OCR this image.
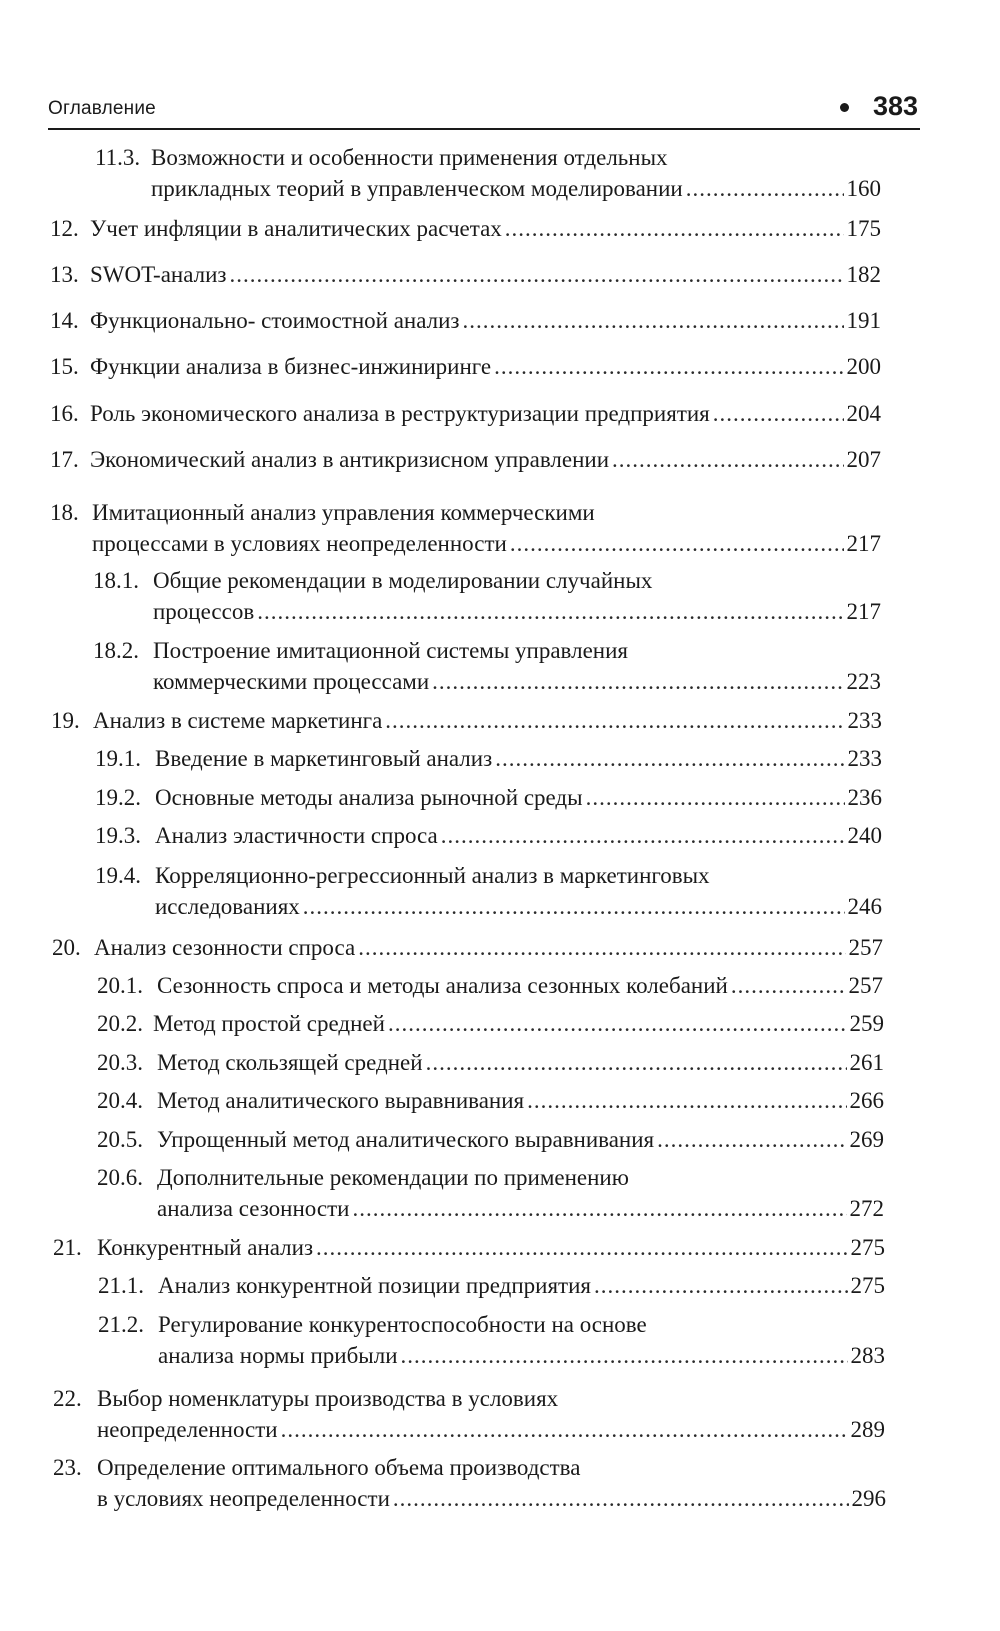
Оглавление	383
11.3. Возможности и особенности применения отдельных
прикладных теорий в управленческом моделировании .....	160
12. Учет инфляции в аналитических расчетах .....	175
13. SWOT-анализ .....	182
14. Функционально- стоимостной анализ .....	191
15. Функции анализа в бизнес-инжиниринге .....	200
16. Роль экономического анализа в реструктуризации предприятия .....	204
17. Экономический анализ в антикризисном управлении .....	207
18. Имитационный анализ управления коммерческими
процессами в условиях неопределенности .....	217
18.1. Общие рекомендации в моделировании случайных
процессов .....	217
18.2. Построение имитационной системы управления
коммерческими процессами .....	223
19. Анализ в системе маркетинга .....	233
19.1. Введение в маркетинговый анализ .....	233
19.2. Основные методы анализа рыночной среды .....	236
19.3. Анализ эластичности спроса .....	240
19.4. Корреляционно-регрессионный анализ в маркетинговых
исследованиях .....	246
20. Анализ сезонности спроса .....	257
20.1. Сезонность спроса и методы анализа сезонных колебаний .....	257
20.2. Метод простой средней .....	259
20.3. Метод скользящей средней .....	261
20.4. Метод аналитического выравнивания .....	266
20.5. Упрощенный метод аналитического выравнивания .....	269
20.6. Дополнительные рекомендации по применению
анализа сезонности .....	272
21. Конкурентный анализ .....	275
21.1. Анализ конкурентной позиции предприятия .....	275
21.2. Регулирование конкурентоспособности на основе
анализа нормы прибыли .....	283
22. Выбор номенклатуры производства в условиях
неопределенности .....	289
23. Определение оптимального объема производства
в условиях неопределенности .....	296
